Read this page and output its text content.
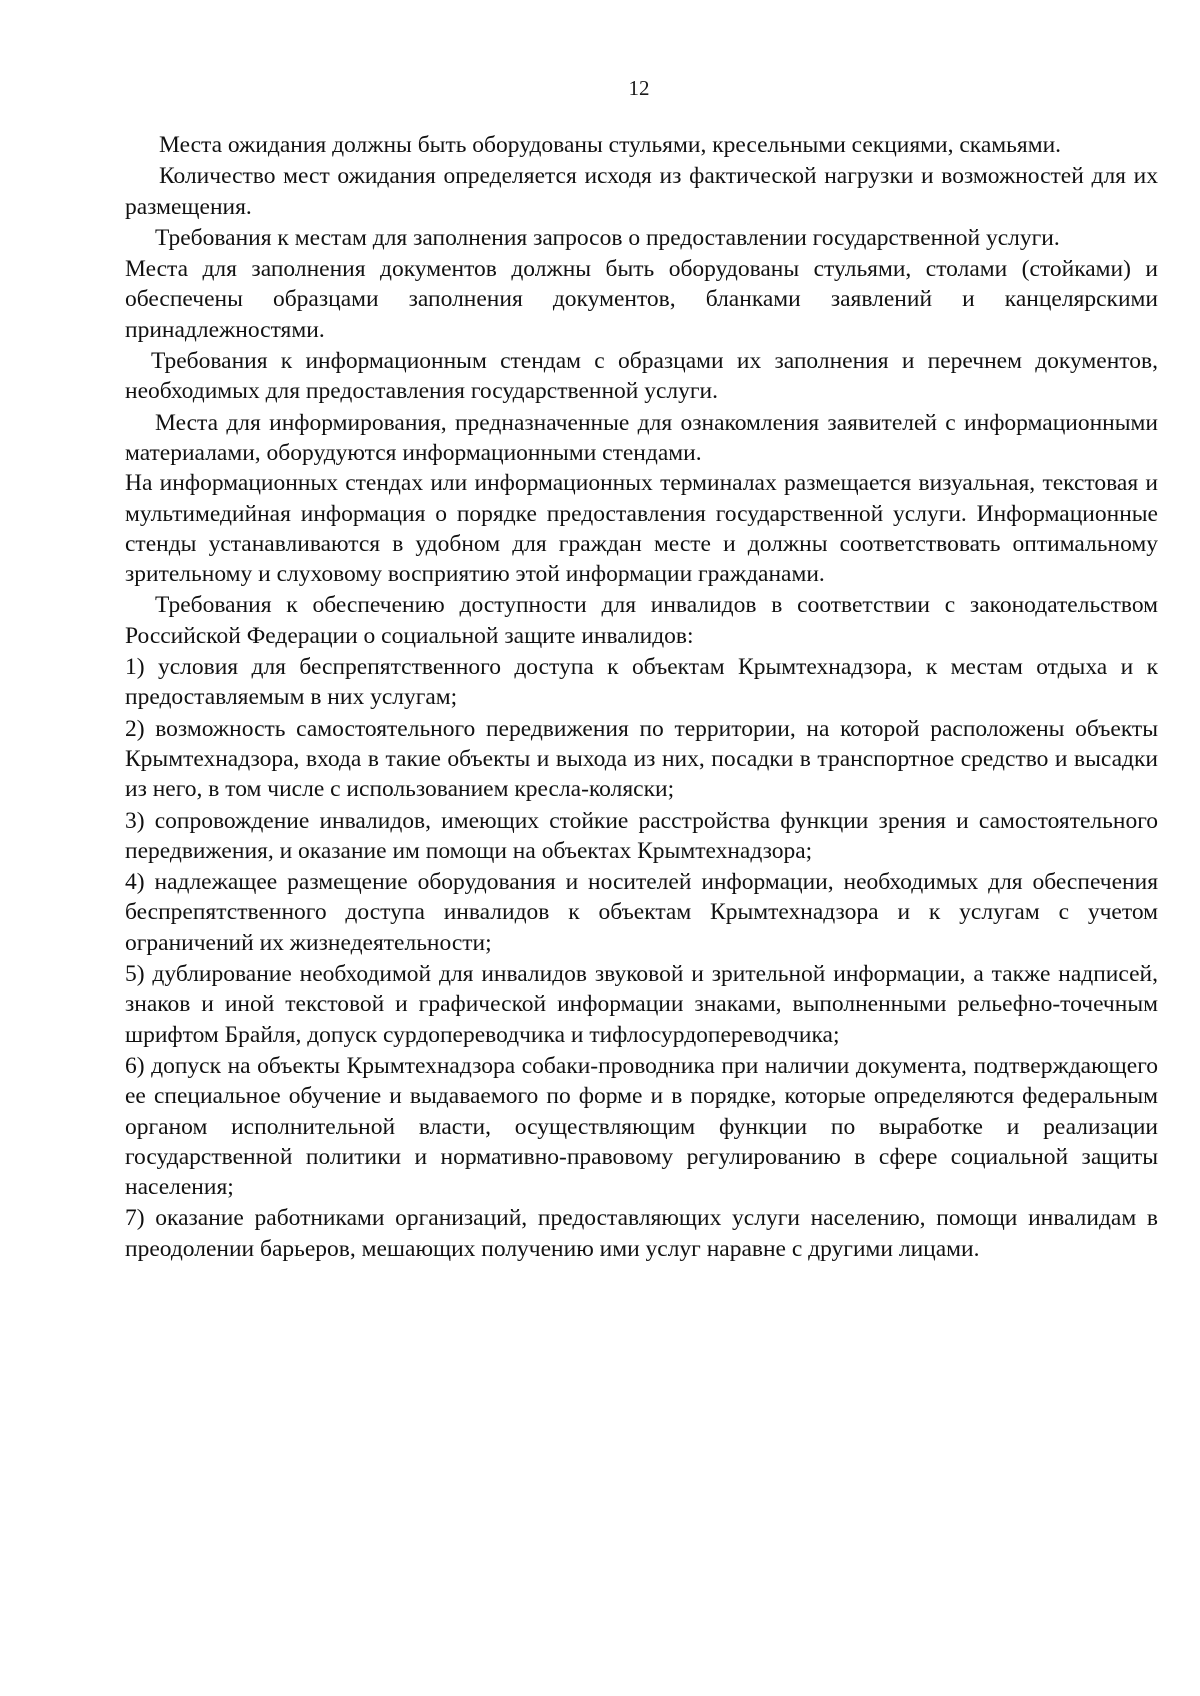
12

Места ожидания должны быть оборудованы стульями, кресельными секциями, скамьями.

Количество мест ожидания определяется исходя из фактической нагрузки и возможностей для их размещения.

Требования к местам для заполнения запросов о предоставлении государственной услуги.

Места для заполнения документов должны быть оборудованы стульями, столами (стойками) и обеспечены образцами заполнения документов, бланками заявлений и канцелярскими принадлежностями.

Требования к информационным стендам с образцами их заполнения и перечнем документов, необходимых для предоставления государственной услуги.

Места для информирования, предназначенные для ознакомления заявителей с информационными материалами, оборудуются информационными стендами.

На информационных стендах или информационных терминалах размещается визуальная, текстовая и мультимедийная информация о порядке предоставления государственной услуги. Информационные стенды устанавливаются в удобном для граждан месте и должны соответствовать оптимальному зрительному и слуховому восприятию этой информации гражданами.

Требования к обеспечению доступности для инвалидов в соответствии с законодательством Российской Федерации о социальной защите инвалидов:

1) условия для беспрепятственного доступа к объектам Крымтехнадзора, к местам отдыха и к предоставляемым в них услугам;

2) возможность самостоятельного передвижения по территории, на которой расположены объекты Крымтехнадзора, входа в такие объекты и выхода из них, посадки в транспортное средство и высадки из него, в том числе с использованием кресла-коляски;

3) сопровождение инвалидов, имеющих стойкие расстройства функции зрения и самостоятельного передвижения, и оказание им помощи на объектах Крымтехнадзора;

4) надлежащее размещение оборудования и носителей информации, необходимых для обеспечения беспрепятственного доступа инвалидов к объектам Крымтехнадзора и к услугам с учетом ограничений их жизнедеятельности;

5) дублирование необходимой для инвалидов звуковой и зрительной информации, а также надписей, знаков и иной текстовой и графической информации знаками, выполненными рельефно-точечным шрифтом Брайля, допуск сурдопереводчика и тифлосурдопереводчика;

6) допуск на объекты Крымтехнадзора собаки-проводника при наличии документа, подтверждающего ее специальное обучение и выдаваемого по форме и в порядке, которые определяются федеральным органом исполнительной власти, осуществляющим функции по выработке и реализации государственной политики и нормативно-правовому регулированию в сфере социальной защиты населения;

7) оказание работниками организаций, предоставляющих услуги населению, помощи инвалидам в преодолении барьеров, мешающих получению ими услуг наравне с другими лицами.
